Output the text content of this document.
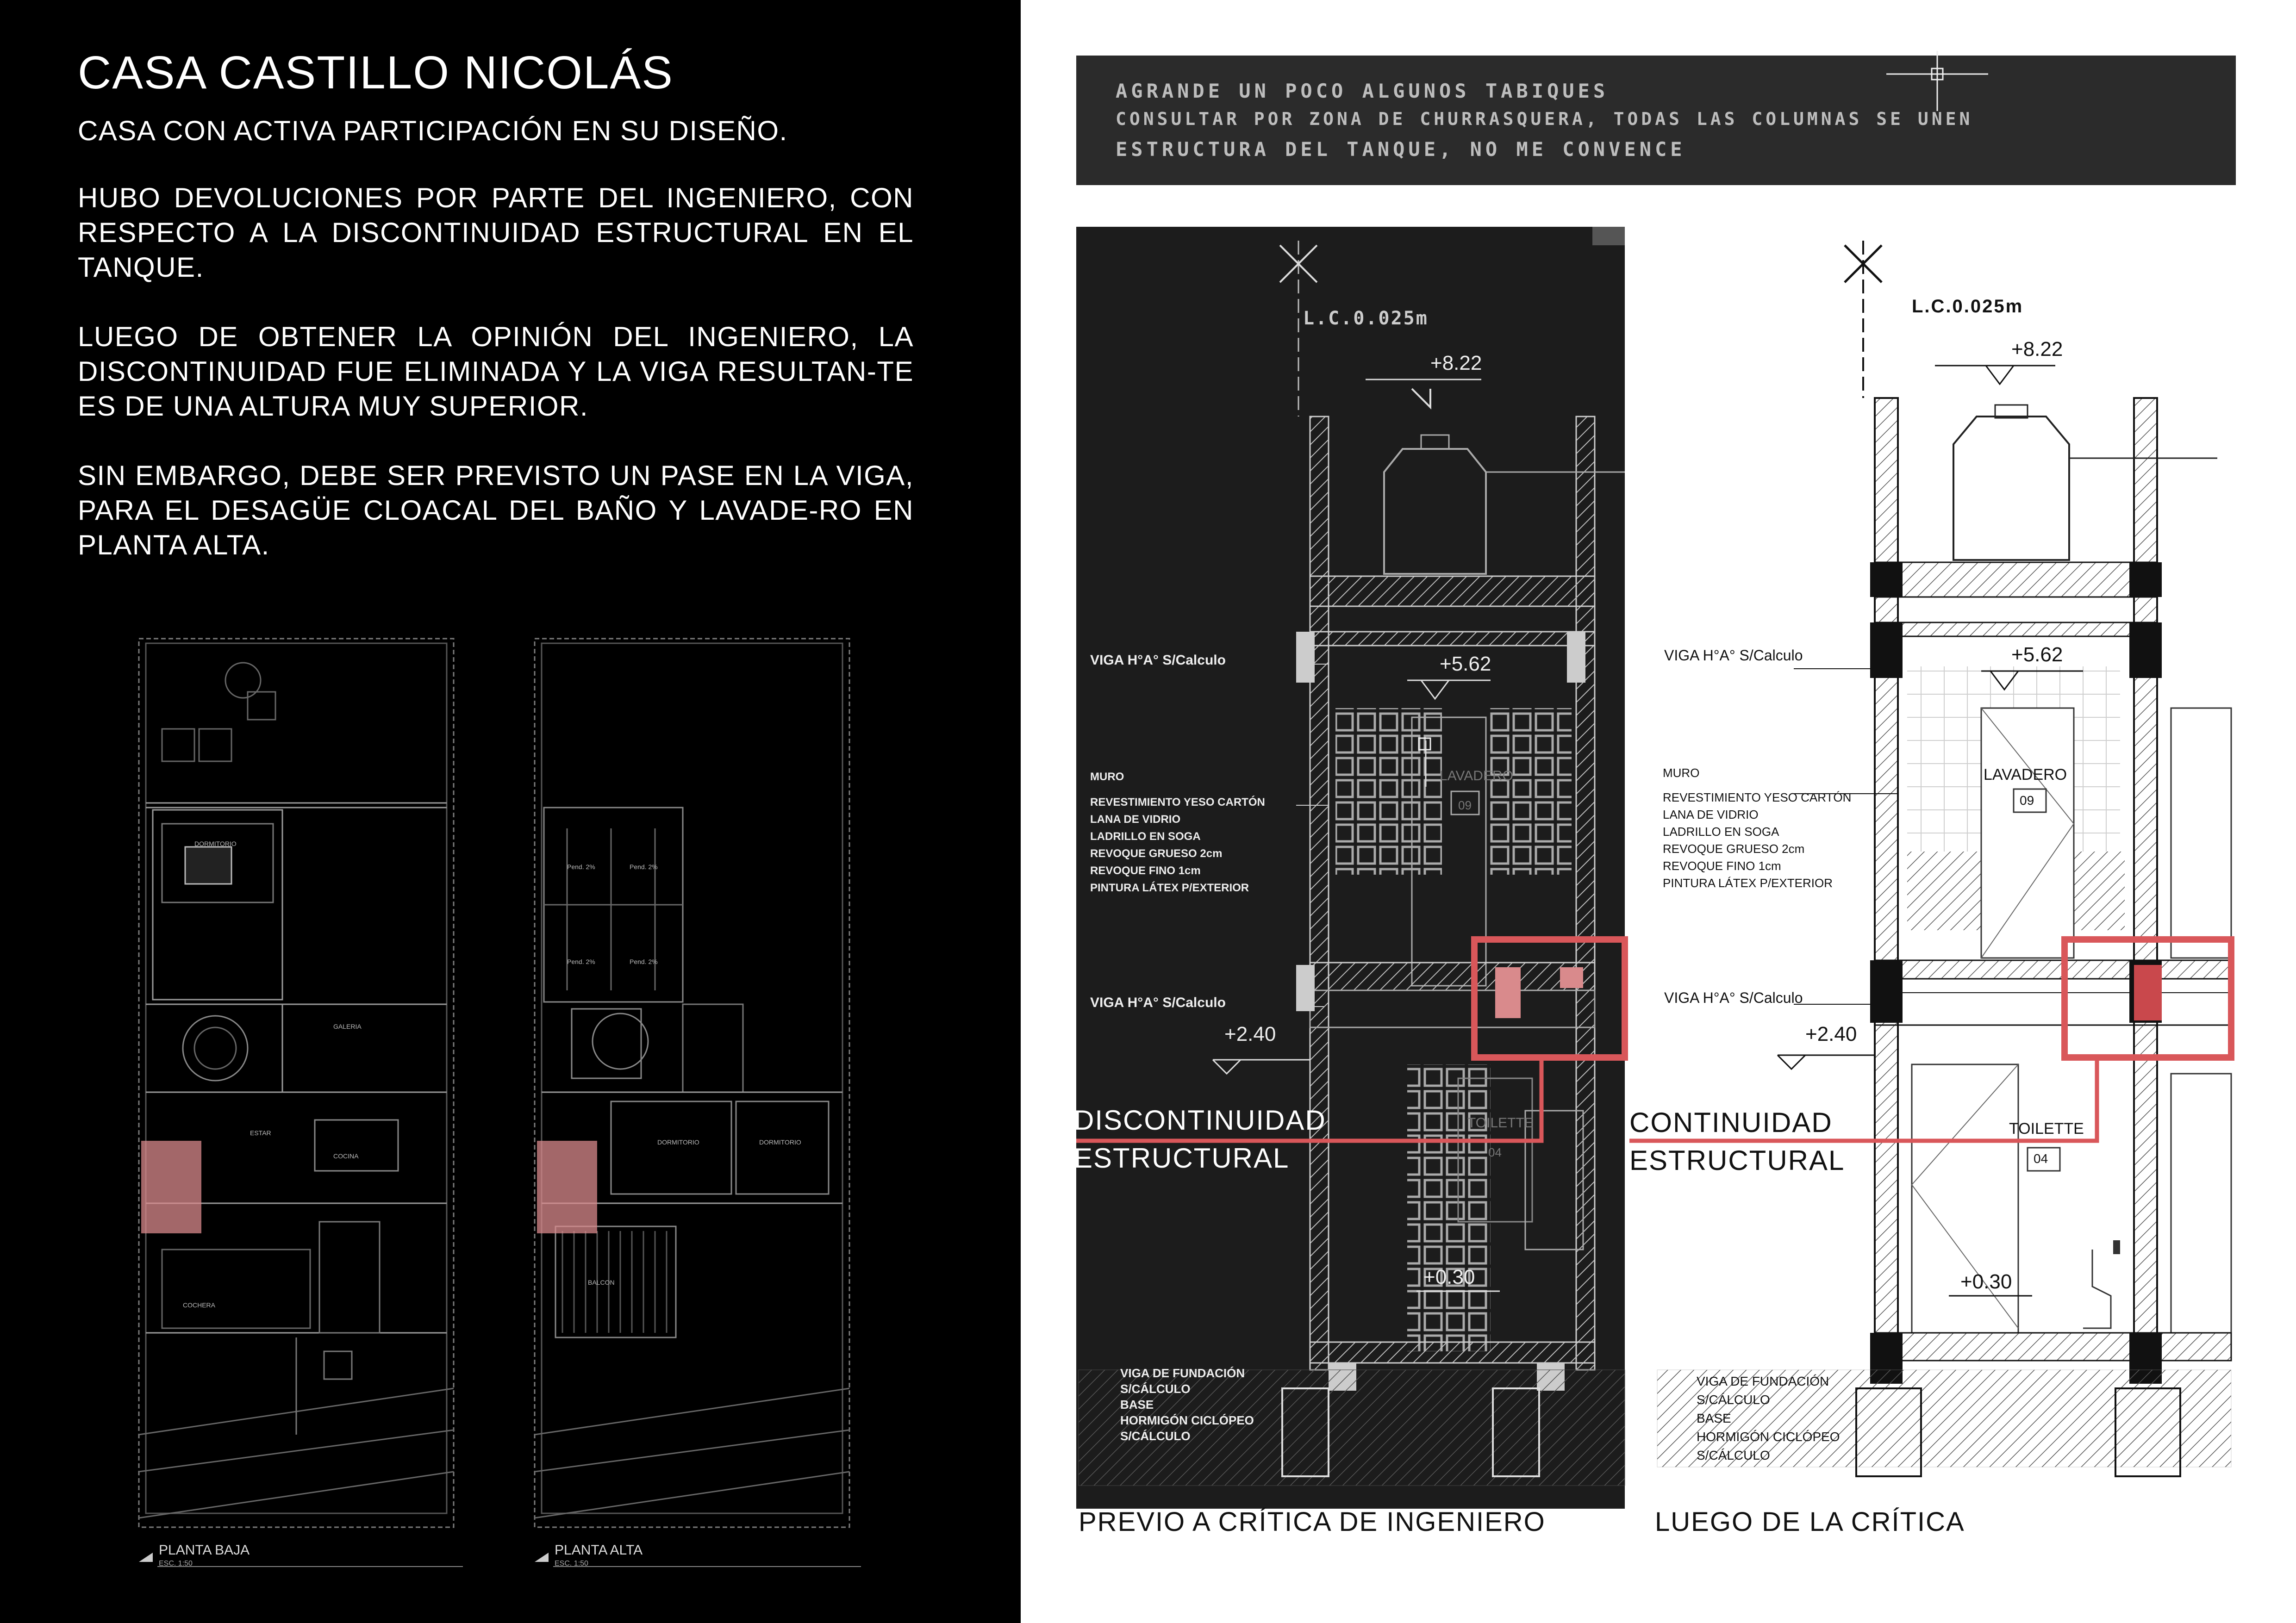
CASA CASTILLO NICOLÁS

CASA CON ACTIVA PARTICIPACIÓN EN SU DISEÑO.

HUBO DEVOLUCIONES POR PARTE DEL INGENIERO, CON RESPECTO A LA DISCONTINUIDAD ESTRUCTURAL EN EL TANQUE.

LUEGO DE OBTENER LA OPINIÓN DEL INGENIERO, LA DISCONTINUIDAD FUE ELIMINADA Y LA VIGA RESULTAN-TE ES DE UNA ALTURA MUY SUPERIOR.

SIN EMBARGO, DEBE SER PREVISTO UN PASE EN LA VIGA, PARA EL DESAGÜE CLOACAL DEL BAÑO Y LAVADE-RO EN PLANTA ALTA.

PLANTA BAJA
ESC. 1:50
PLANTA ALTA
ESC. 1:50
COCHERA
GALERIA
Pend. 2%	Pend. 2%
Pend. 2%	Pend. 2%
BALCON
DORMITORIO	DORMITORIO
DORMITORIO
COCINA
ESTAR
AGRANDE UN POCO ALGUNOS TABIQUES
CONSULTAR POR ZONA DE CHURRASQUERA, TODAS LAS COLUMNAS SE UNEN
ESTRUCTURA DEL TANQUE, NO ME CONVENCE
L.C.0.025m
+8.22
+5.62
+2.40
+0.30
VIGA H°A° S/Calculo
VIGA H°A° S/Calculo
MURO
REVESTIMIENTO YESO CARTÓN
LANA DE VIDRIO
LADRILLO EN SOGA
REVOQUE GRUESO 2cm
REVOQUE FINO 1cm
PINTURA LÁTEX P/EXTERIOR
LAVADERO
09
TOILETTE
04
VIGA DE FUNDACIÓN
S/CÁLCULO
BASE
HORMIGÓN CICLÓPEO
S/CÁLCULO
DISCONTINUIDAD
ESTRUCTURAL
PREVIO A CRÍTICA DE INGENIERO
L.C.0.025m
+8.22
+5.62
+2.40
+0.30
VIGA H°A° S/Calculo
VIGA H°A° S/Calculo
MURO
REVESTIMIENTO YESO CARTÓN
LANA DE VIDRIO
LADRILLO EN SOGA
REVOQUE GRUESO 2cm
REVOQUE FINO 1cm
PINTURA LÁTEX P/EXTERIOR
LAVADERO
09
TOILETTE
04
VIGA DE FUNDACIÓN
S/CÁLCULO
BASE
HORMIGÓN CICLÓPEO
S/CÁLCULO
CONTINUIDAD
ESTRUCTURAL
LUEGO DE LA CRÍTICA
